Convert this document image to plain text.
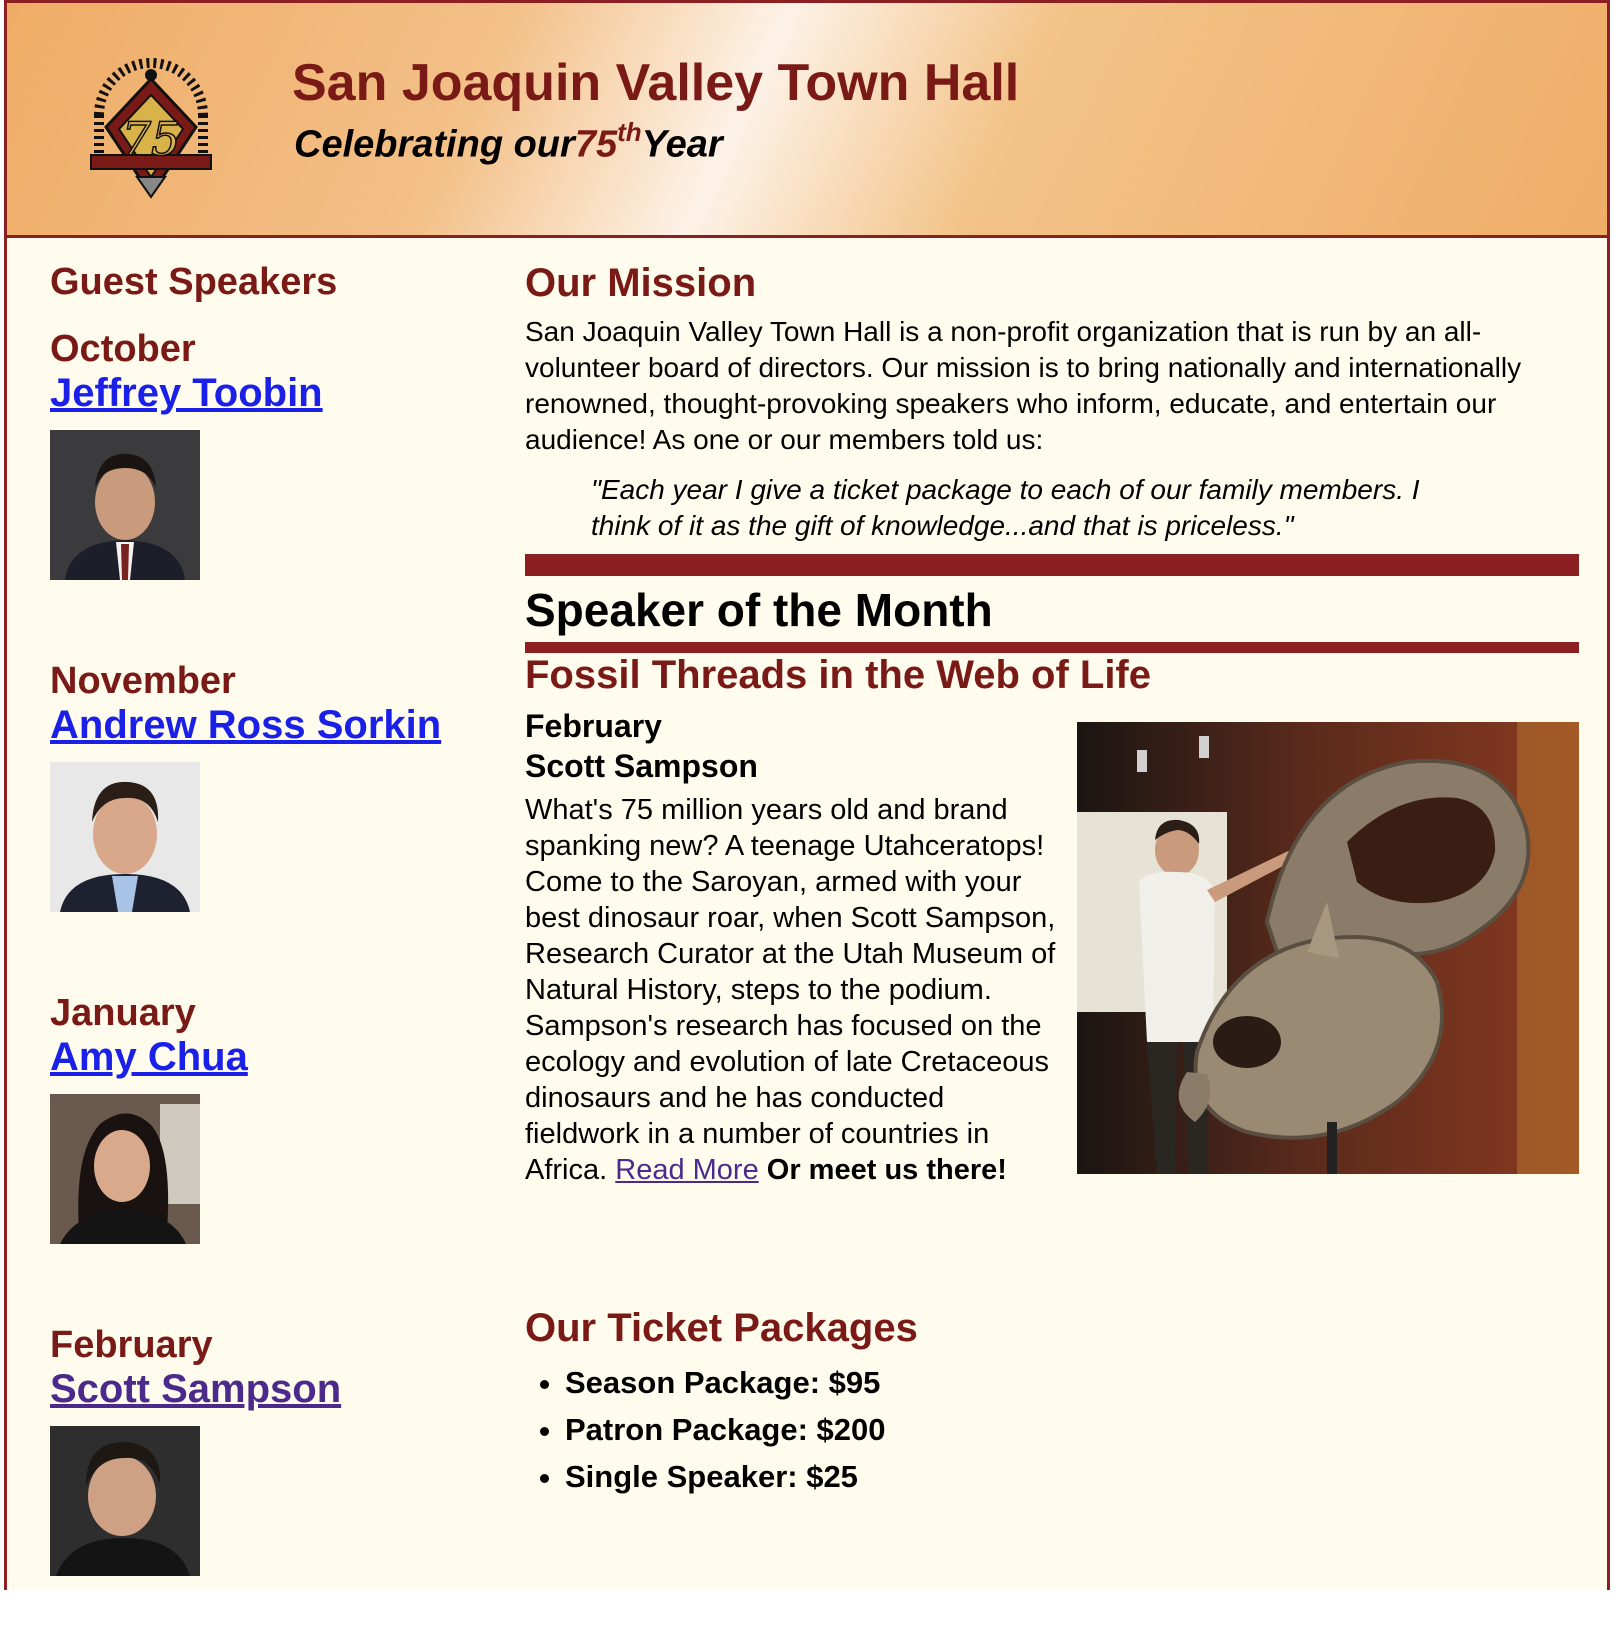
75
San Joaquin Valley Town Hall

Celebrating our75thYear

Guest Speakers
October
Jeffrey Toobin
November
Andrew Ross Sorkin
January
Amy Chua
February
Scott Sampson
Our Mission

San Joaquin Valley Town Hall is a non-profit organization that is run by an all-volunteer board of directors. Our mission is to bring nationally and internationally renowned, thought-provoking speakers who inform, educate, and entertain our audience! As one or our members told us:

"Each year I give a ticket package to each of our family members. I think of it as the gift of knowledge...and that is priceless."

Speaker of the Month
Fossil Threads in the Web of Life
February
Scott Sampson
What's 75 million years old and brand spanking new? A teenage Utahceratops! Come to the Saroyan, armed with your best dinosaur roar, when Scott Sampson, Research Curator at the Utah Museum of Natural History, steps to the podium. Sampson's research has focused on the ecology and evolution of late Cretaceous dinosaurs and he has conducted fieldwork in a number of countries in Africa. Read More Or meet us there!
Our Ticket Packages
• Season Package: $95
• Patron Package: $200
• Single Speaker: $25
